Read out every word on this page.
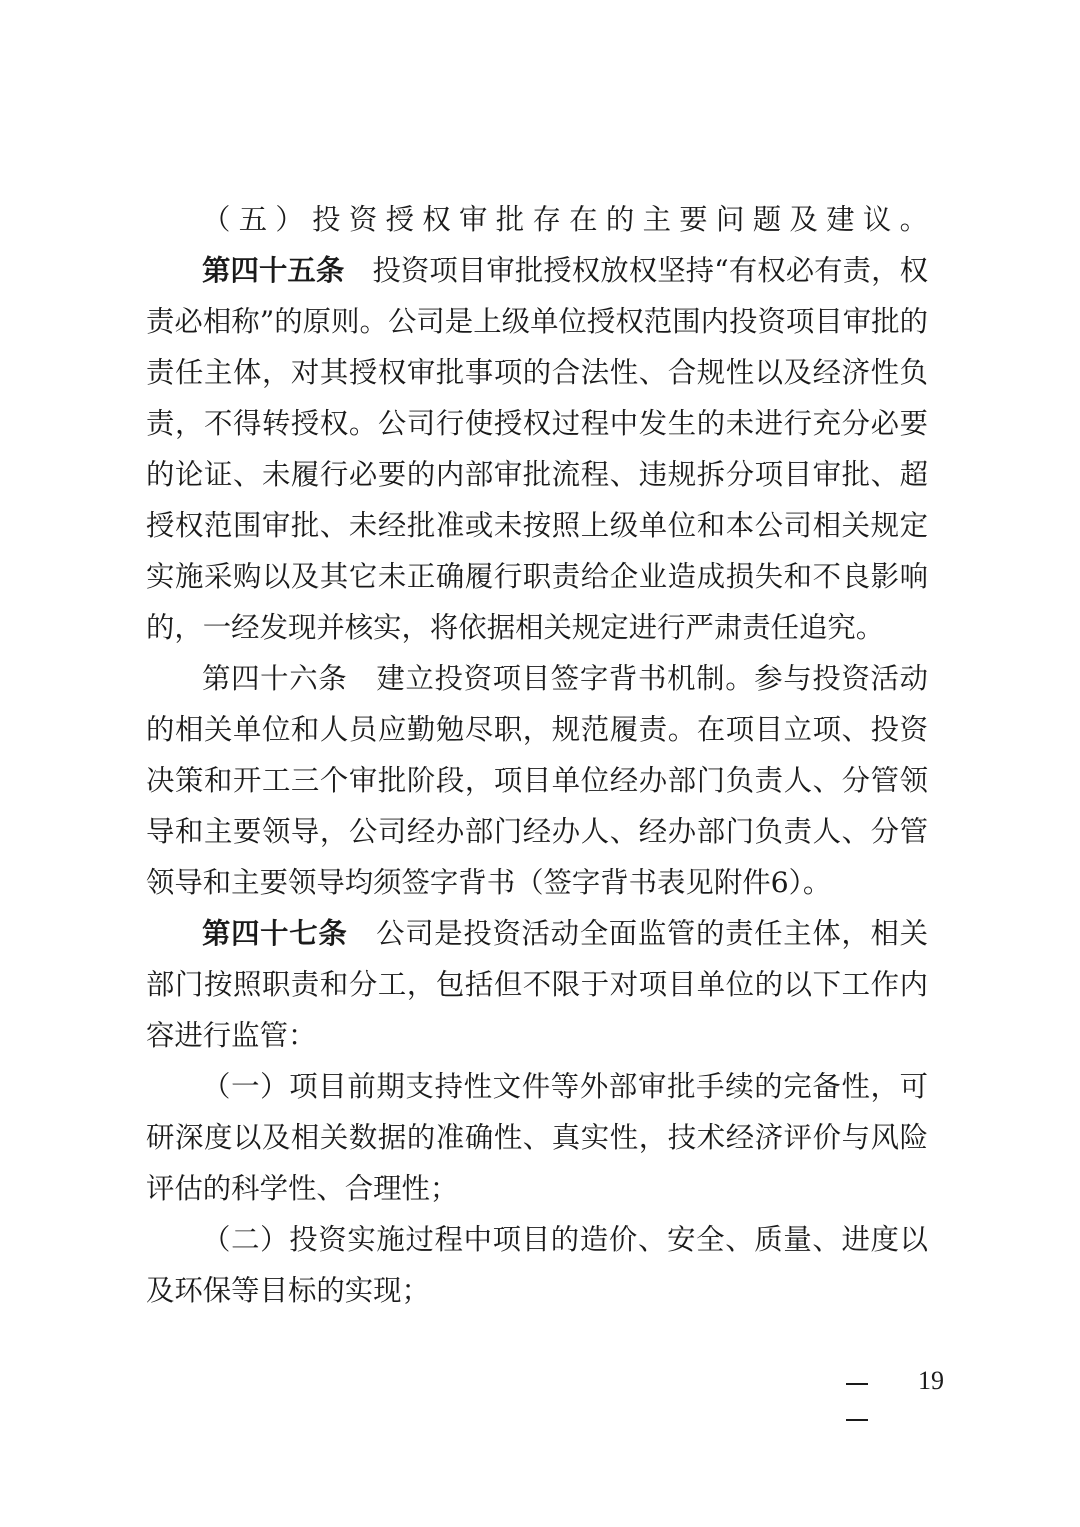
（五）投资授权审批存在的主要问题及建议。
第四十五条 投资项目审批授权放权坚持“有权必有责，权
责必相称”的原则。公司是上级单位授权范围内投资项目审批的
责任主体，对其授权审批事项的合法性、合规性以及经济性负
责，不得转授权。公司行使授权过程中发生的未进行充分必要
的论证、未履行必要的内部审批流程、违规拆分项目审批、超
授权范围审批、未经批准或未按照上级单位和本公司相关规定
实施采购以及其它未正确履行职责给企业造成损失和不良影响
的，一经发现并核实，将依据相关规定进行严肃责任追究。
第四十六条　建立投资项目签字背书机制。参与投资活动
的相关单位和人员应勤勉尽职，规范履责。在项目立项、投资
决策和开工三个审批阶段，项目单位经办部门负责人、分管领
导和主要领导，公司经办部门经办人、经办部门负责人、分管
领导和主要领导均须签字背书（签字背书表见附件6）。
第四十七条 公司是投资活动全面监管的责任主体，相关
部门按照职责和分工，包括但不限于对项目单位的以下工作内
容进行监管：
（一）项目前期支持性文件等外部审批手续的完备性，可
研深度以及相关数据的准确性、真实性，技术经济评价与风险
评估的科学性、合理性；
（二）投资实施过程中项目的造价、安全、质量、进度以
及环保等目标的实现；
19
